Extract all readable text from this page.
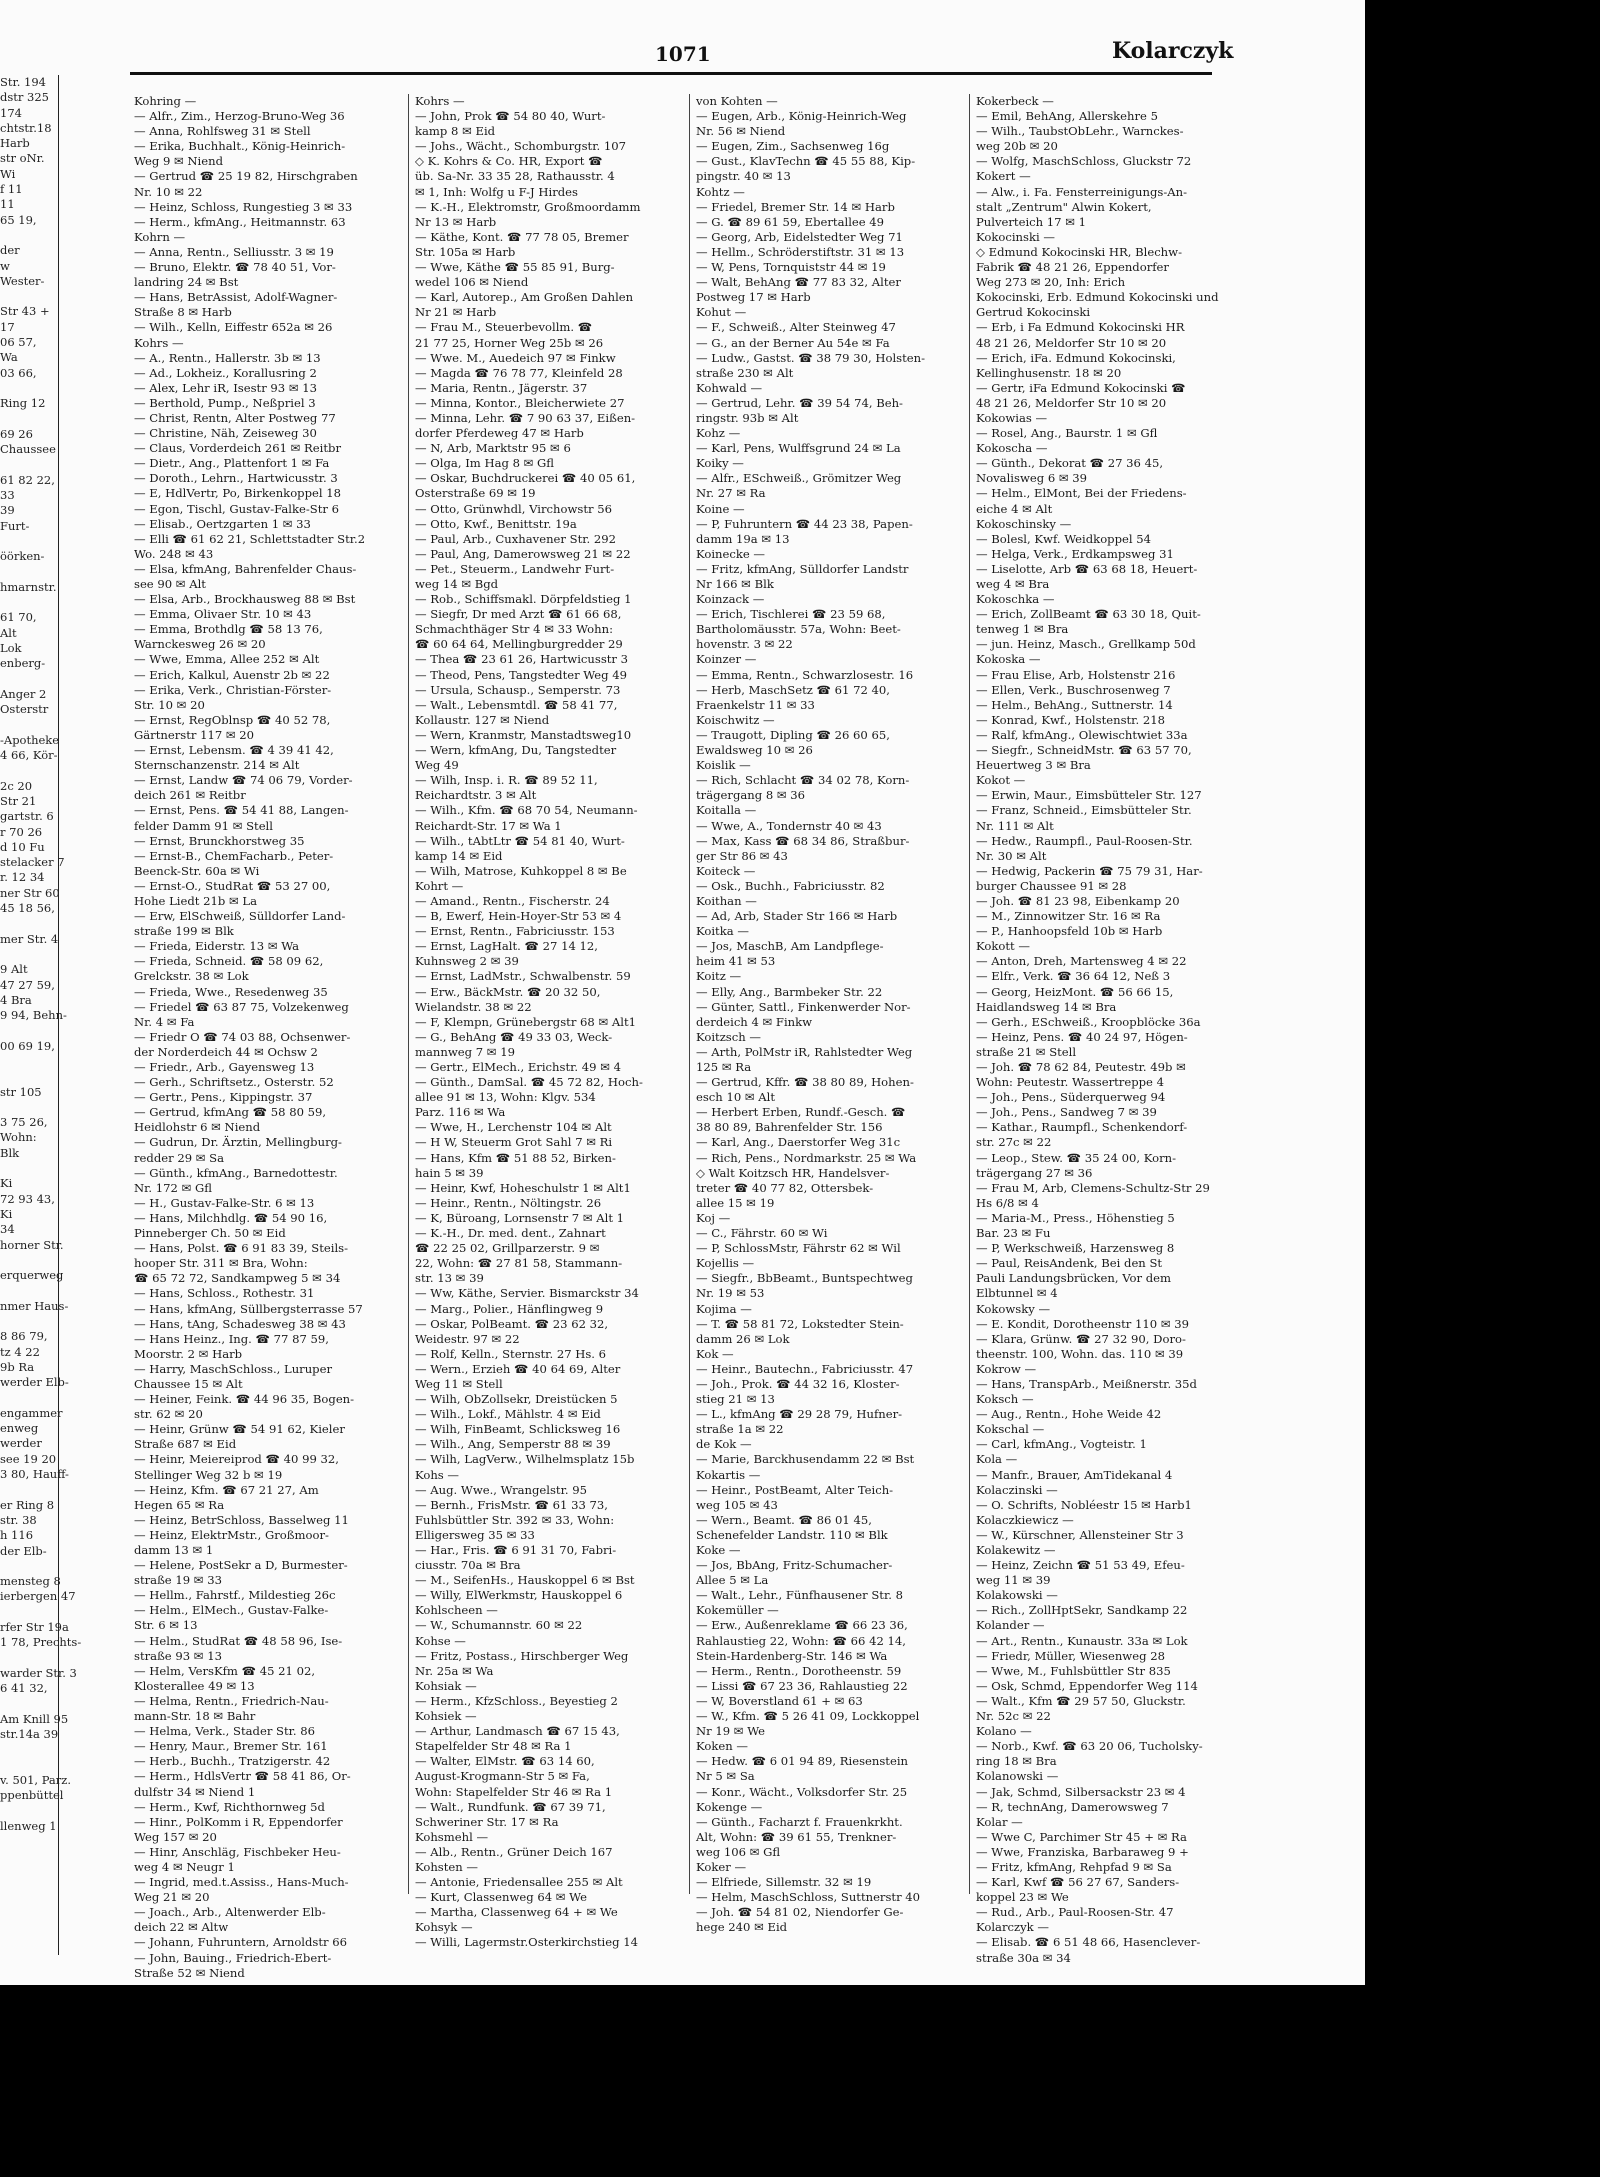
Str. 194
dstr 325
174
chtstr.18
Harb
str oNr.
Wi
f 11
11
65 19,

der
w
Wester-

Str 43 +
17
06 57,
Wa
03 66,

Ring 12

69 26
Chaussee

61 82 22,
33
39
Furt-

öörken-

hmarnstr.

61 70,
Alt
Lok
enberg-

Anger 2
Osterstr

-Apotheke
4 66, Kör-

2c 20
Str 21
gartstr. 6
r 70 26
d 10 Fu
stelacker 7
r. 12 34
ner Str 60
45 18 56,

mer Str. 4

9 Alt
47 27 59,
4 Bra
9 94, Behn-

00 69 19,

str 105

3 75 26,
Wohn:
Blk

Ki
72 93 43,
Ki
34
horner Str.

erquerweg

nmer Haus-

8 86 79,
tz 4 22
9b Ra
werder Elb-

engammer
enweg
werder
see 19 20
3 80, Hauff-

er Ring 8
str. 38
h 116
der Elb-

mensteg 8
ierbergen 47

rfer Str 19a
1 78, Prechts-

warder Str. 3
6 41 32,

Am Knill 95
str.14a 39

v. 501, Parz.
ppenbüttel

llenweg 1
1071	Kolarczyk
Kohring —
— Alfr., Zim., Herzog-Bruno-Weg 36
— Anna, Rohlfsweg 31 ✉ Stell
— Erika, Buchhalt., König-Heinrich-
Weg 9 ✉ Niend
— Gertrud ☎ 25 19 82, Hirschgraben
Nr. 10 ✉ 22
— Heinz, Schloss, Rungestieg 3 ✉ 33
— Herm., kfmAng., Heitmannstr. 63
Kohrn —
— Anna, Rentn., Selliusstr. 3 ✉ 19
— Bruno, Elektr. ☎ 78 40 51, Vor-
landring 24 ✉ Bst
— Hans, BetrAssist, Adolf-Wagner-
Straße 8 ✉ Harb
— Wilh., Kelln, Eiffestr 652a ✉ 26
Kohrs —
— A., Rentn., Hallerstr. 3b ✉ 13
— Ad., Lokheiz., Korallusring 2
— Alex, Lehr iR, Isestr 93 ✉ 13
— Berthold, Pump., Neßpriel 3
— Christ, Rentn, Alter Postweg 77
— Christine, Näh, Zeiseweg 30
— Claus, Vorderdeich 261 ✉ Reitbr
— Dietr., Ang., Plattenfort 1 ✉ Fa
— Doroth., Lehrn., Hartwicusstr. 3
— E, HdlVertr, Po, Birkenkoppel 18
— Egon, Tischl, Gustav-Falke-Str 6
— Elisab., Oertzgarten 1 ✉ 33
— Elli ☎ 61 62 21, Schlettstadter Str.2
Wo. 248 ✉ 43
— Elsa, kfmAng, Bahrenfelder Chaus-
see 90 ✉ Alt
— Elsa, Arb., Brockhausweg 88 ✉ Bst
— Emma, Olivaer Str. 10 ✉ 43
— Emma, Brothdlg ☎ 58 13 76,
Warnckesweg 26 ✉ 20
— Wwe, Emma, Allee 252 ✉ Alt
— Erich, Kalkul, Auenstr 2b ✉ 22
— Erika, Verk., Christian-Förster-
Str. 10 ✉ 20
— Ernst, RegOblnsp ☎ 40 52 78,
Gärtnerstr 117 ✉ 20
— Ernst, Lebensm. ☎ 4 39 41 42,
Sternschanzenstr. 214 ✉ Alt
— Ernst, Landw ☎ 74 06 79, Vorder-
deich 261 ✉ Reitbr
— Ernst, Pens. ☎ 54 41 88, Langen-
felder Damm 91 ✉ Stell
— Ernst, Brunckhorstweg 35
— Ernst-B., ChemFacharb., Peter-
Beenck-Str. 60a ✉ Wi
— Ernst-O., StudRat ☎ 53 27 00,
Hohe Liedt 21b ✉ La
— Erw, ElSchweiß, Sülldorfer Land-
straße 199 ✉ Blk
— Frieda, Eiderstr. 13 ✉ Wa
— Frieda, Schneid. ☎ 58 09 62,
Grelckstr. 38 ✉ Lok
— Frieda, Wwe., Resedenweg 35
— Friedel ☎ 63 87 75, Volzekenweg
Nr. 4 ✉ Fa
— Friedr O ☎ 74 03 88, Ochsenwer-
der Norderdeich 44 ✉ Ochsw 2
— Friedr., Arb., Gayensweg 13
— Gerh., Schriftsetz., Osterstr. 52
— Gertr., Pens., Kippingstr. 37
— Gertrud, kfmAng ☎ 58 80 59,
Heidlohstr 6 ✉ Niend
— Gudrun, Dr. Ärztin, Mellingburg-
redder 29 ✉ Sa
— Günth., kfmAng., Barnedottestr.
Nr. 172 ✉ Gfl
— H., Gustav-Falke-Str. 6 ✉ 13
— Hans, Milchhdlg. ☎ 54 90 16,
Pinneberger Ch. 50 ✉ Eid
— Hans, Polst. ☎ 6 91 83 39, Steils-
hooper Str. 311 ✉ Bra, Wohn:
☎ 65 72 72, Sandkampweg 5 ✉ 34
— Hans, Schloss., Rothestr. 31
— Hans, kfmAng, Süllbergsterrasse 57
— Hans, tAng, Schadesweg 38 ✉ 43
— Hans Heinz., Ing. ☎ 77 87 59,
Moorstr. 2 ✉ Harb
— Harry, MaschSchloss., Luruper
Chaussee 15 ✉ Alt
— Heiner, Feink. ☎ 44 96 35, Bogen-
str. 62 ✉ 20
— Heinr, Grünw ☎ 54 91 62, Kieler
Straße 687 ✉ Eid
— Heinr, Meiereiprod ☎ 40 99 32,
Stellinger Weg 32 b ✉ 19
— Heinz, Kfm. ☎ 67 21 27, Am
Hegen 65 ✉ Ra
— Heinz, BetrSchloss, Basselweg 11
— Heinz, ElektrMstr., Großmoor-
damm 13 ✉ 1
— Helene, PostSekr a D, Burmester-
straße 19 ✉ 33
— Hellm., Fahrstf., Mildestieg 26c
— Helm., ElMech., Gustav-Falke-
Str. 6 ✉ 13
— Helm., StudRat ☎ 48 58 96, Ise-
straße 93 ✉ 13
— Helm, VersKfm ☎ 45 21 02,
Klosterallee 49 ✉ 13
— Helma, Rentn., Friedrich-Nau-
mann-Str. 18 ✉ Bahr
— Helma, Verk., Stader Str. 86
— Henry, Maur., Bremer Str. 161
— Herb., Buchh., Tratzigerstr. 42
— Herm., HdlsVertr ☎ 58 41 86, Or-
dulfstr 34 ✉ Niend 1
— Herm., Kwf, Richthornweg 5d
— Hinr., PolKomm i R, Eppendorfer
Weg 157 ✉ 20
— Hinr, Anschläg, Fischbeker Heu-
weg 4 ✉ Neugr 1
— Ingrid, med.t.Assiss., Hans-Much-
Weg 21 ✉ 20
— Joach., Arb., Altenwerder Elb-
deich 22 ✉ Altw
— Johann, Fuhruntern, Arnoldstr 66
— John, Bauing., Friedrich-Ebert-
Straße 52 ✉ Niend
Kohrs —
— John, Prok ☎ 54 80 40, Wurt-
kamp 8 ✉ Eid
— Johs., Wächt., Schomburgstr. 107
◇ K. Kohrs & Co. HR, Export ☎
üb. Sa-Nr. 33 35 28, Rathausstr. 4
✉ 1, Inh: Wolfg u F-J Hirdes
— K.-H., Elektromstr, Großmoordamm
Nr 13 ✉ Harb
— Käthe, Kont. ☎ 77 78 05, Bremer
Str. 105a ✉ Harb
— Wwe, Käthe ☎ 55 85 91, Burg-
wedel 106 ✉ Niend
— Karl, Autorep., Am Großen Dahlen
Nr 21 ✉ Harb
— Frau M., Steuerbevollm. ☎
21 77 25, Horner Weg 25b ✉ 26
— Wwe. M., Auedeich 97 ✉ Finkw
— Magda ☎ 76 78 77, Kleinfeld 28
— Maria, Rentn., Jägerstr. 37
— Minna, Kontor., Bleicherwiete 27
— Minna, Lehr. ☎ 7 90 63 37, Eißen-
dorfer Pferdeweg 47 ✉ Harb
— N, Arb, Marktstr 95 ✉ 6
— Olga, Im Hag 8 ✉ Gfl
— Oskar, Buchdruckerei ☎ 40 05 61,
Osterstraße 69 ✉ 19
— Otto, Grünwhdl, Virchowstr 56
— Otto, Kwf., Benittstr. 19a
— Paul, Arb., Cuxhavener Str. 292
— Paul, Ang, Damerowsweg 21 ✉ 22
— Pet., Steuerm., Landwehr Furt-
weg 14 ✉ Bgd
— Rob., Schiffsmakl. Dörpfeldstieg 1
— Siegfr, Dr med Arzt ☎ 61 66 68,
Schmachthäger Str 4 ✉ 33 Wohn:
☎ 60 64 64, Mellingburgredder 29
— Thea ☎ 23 61 26, Hartwicusstr 3
— Theod, Pens, Tangstedter Weg 49
— Ursula, Schausp., Semperstr. 73
— Walt., Lebensmtdl. ☎ 58 41 77,
Kollaustr. 127 ✉ Niend
— Wern, Kranmstr, Manstadtsweg10
— Wern, kfmAng, Du, Tangstedter
Weg 49
— Wilh, Insp. i. R. ☎ 89 52 11,
Reichardtstr. 3 ✉ Alt
— Wilh., Kfm. ☎ 68 70 54, Neumann-
Reichardt-Str. 17 ✉ Wa 1
— Wilh., tAbtLtr ☎ 54 81 40, Wurt-
kamp 14 ✉ Eid
— Wilh, Matrose, Kuhkoppel 8 ✉ Be
Kohrt —
— Amand., Rentn., Fischerstr. 24
— B, Ewerf, Hein-Hoyer-Str 53 ✉ 4
— Ernst, Rentn., Fabriciusstr. 153
— Ernst, LagHalt. ☎ 27 14 12,
Kuhnsweg 2 ✉ 39
— Ernst, LadMstr., Schwalbenstr. 59
— Erw., BäckMstr. ☎ 20 32 50,
Wielandstr. 38 ✉ 22
— F, Klempn, Grünebergstr 68 ✉ Alt1
— G., BehAng ☎ 49 33 03, Weck-
mannweg 7 ✉ 19
— Gertr., ElMech., Erichstr. 49 ✉ 4
— Günth., DamSal. ☎ 45 72 82, Hoch-
allee 91 ✉ 13, Wohn: Klgv. 534
Parz. 116 ✉ Wa
— Wwe, H., Lerchenstr 104 ✉ Alt
— H W, Steuerm Grot Sahl 7 ✉ Ri
— Hans, Kfm ☎ 51 88 52, Birken-
hain 5 ✉ 39
— Heinr, Kwf, Hoheschulstr 1 ✉ Alt1
— Heinr., Rentn., Nöltingstr. 26
— K, Büroang, Lornsenstr 7 ✉ Alt 1
— K.-H., Dr. med. dent., Zahnart
☎ 22 25 02, Grillparzerstr. 9 ✉
22, Wohn: ☎ 27 81 58, Stammann-
str. 13 ✉ 39
— Ww, Käthe, Servier. Bismarckstr 34
— Marg., Polier., Hänflingweg 9
— Oskar, PolBeamt. ☎ 23 62 32,
Weidestr. 97 ✉ 22
— Rolf, Kelln., Sternstr. 27 Hs. 6
— Wern., Erzieh ☎ 40 64 69, Alter
Weg 11 ✉ Stell
— Wilh, ObZollsekr, Dreistücken 5
— Wilh., Lokf., Mählstr. 4 ✉ Eid
— Wilh, FinBeamt, Schlicksweg 16
— Wilh., Ang, Semperstr 88 ✉ 39
— Wilh, LagVerw., Wilhelmsplatz 15b
Kohs —
— Aug. Wwe., Wrangelstr. 95
— Bernh., FrisMstr. ☎ 61 33 73,
Fuhlsbüttler Str. 392 ✉ 33, Wohn:
Elligersweg 35 ✉ 33
— Har., Fris. ☎ 6 91 31 70, Fabri-
ciusstr. 70a ✉ Bra
— M., SeifenHs., Hauskoppel 6 ✉ Bst
— Willy, ElWerkmstr, Hauskoppel 6
Kohlscheen —
— W., Schumannstr. 60 ✉ 22
Kohse —
— Fritz, Postass., Hirschberger Weg
Nr. 25a ✉ Wa
Kohsiak —
— Herm., KfzSchloss., Beyestieg 2
Kohsiek —
— Arthur, Landmasch ☎ 67 15 43,
Stapelfelder Str 48 ✉ Ra 1
— Walter, ElMstr. ☎ 63 14 60,
August-Krogmann-Str 5 ✉ Fa,
Wohn: Stapelfelder Str 46 ✉ Ra 1
— Walt., Rundfunk. ☎ 67 39 71,
Schweriner Str. 17 ✉ Ra
Kohsmehl —
— Alb., Rentn., Grüner Deich 167
Kohsten —
— Antonie, Friedensallee 255 ✉ Alt
— Kurt, Classenweg 64 ✉ We
— Martha, Classenweg 64 + ✉ We
Kohsyk —
— Willi, Lagermstr.Osterkirchstieg 14
von Kohten —
— Eugen, Arb., König-Heinrich-Weg
Nr. 56 ✉ Niend
— Eugen, Zim., Sachsenweg 16g
— Gust., KlavTechn ☎ 45 55 88, Kip-
pingstr. 40 ✉ 13
Kohtz —
— Friedel, Bremer Str. 14 ✉ Harb
— G. ☎ 89 61 59, Ebertallee 49
— Georg, Arb, Eidelstedter Weg 71
— Hellm., Schröderstiftstr. 31 ✉ 13
— W, Pens, Tornquiststr 44 ✉ 19
— Walt, BehAng ☎ 77 83 32, Alter
Postweg 17 ✉ Harb
Kohut —
— F., Schweiß., Alter Steinweg 47
— G., an der Berner Au 54e ✉ Fa
— Ludw., Gastst. ☎ 38 79 30, Holsten-
straße 230 ✉ Alt
Kohwald —
— Gertrud, Lehr. ☎ 39 54 74, Beh-
ringstr. 93b ✉ Alt
Kohz —
— Karl, Pens, Wulffsgrund 24 ✉ La
Koiky —
— Alfr., ESchweiß., Grömitzer Weg
Nr. 27 ✉ Ra
Koine —
— P, Fuhruntern ☎ 44 23 38, Papen-
damm 19a ✉ 13
Koinecke —
— Fritz, kfmAng, Sülldorfer Landstr
Nr 166 ✉ Blk
Koinzack —
— Erich, Tischlerei ☎ 23 59 68,
Bartholomäusstr. 57a, Wohn: Beet-
hovenstr. 3 ✉ 22
Koinzer —
— Emma, Rentn., Schwarzlosestr. 16
— Herb, MaschSetz ☎ 61 72 40,
Fraenkelstr 11 ✉ 33
Koischwitz —
— Traugott, Dipling ☎ 26 60 65,
Ewaldsweg 10 ✉ 26
Koislik —
— Rich, Schlacht ☎ 34 02 78, Korn-
trägergang 8 ✉ 36
Koitalla —
— Wwe, A., Tondernstr 40 ✉ 43
— Max, Kass ☎ 68 34 86, Straßbur-
ger Str 86 ✉ 43
Koiteck —
— Osk., Buchh., Fabriciusstr. 82
Koithan —
— Ad, Arb, Stader Str 166 ✉ Harb
Koitka —
— Jos, MaschB, Am Landpflege-
heim 41 ✉ 53
Koitz —
— Elly, Ang., Barmbeker Str. 22
— Günter, Sattl., Finkenwerder Nor-
derdeich 4 ✉ Finkw
Koitzsch —
— Arth, PolMstr iR, Rahlstedter Weg
125 ✉ Ra
— Gertrud, Kffr. ☎ 38 80 89, Hohen-
esch 10 ✉ Alt
— Herbert Erben, Rundf.-Gesch. ☎
38 80 89, Bahrenfelder Str. 156
— Karl, Ang., Daerstorfer Weg 31c
— Rich, Pens., Nordmarkstr. 25 ✉ Wa
◇ Walt Koitzsch HR, Handelsver-
treter ☎ 40 77 82, Ottersbek-
allee 15 ✉ 19
Koj —
— C., Fährstr. 60 ✉ Wi
— P, SchlossMstr, Fährstr 62 ✉ Wil
Kojellis —
— Siegfr., BbBeamt., Buntspechtweg
Nr. 19 ✉ 53
Kojima —
— T. ☎ 58 81 72, Lokstedter Stein-
damm 26 ✉ Lok
Kok —
— Heinr., Bautechn., Fabriciusstr. 47
— Joh., Prok. ☎ 44 32 16, Kloster-
stieg 21 ✉ 13
— L., kfmAng ☎ 29 28 79, Hufner-
straße 1a ✉ 22
de Kok —
— Marie, Barckhusendamm 22 ✉ Bst
Kokartis —
— Heinr., PostBeamt, Alter Teich-
weg 105 ✉ 43
— Wern., Beamt. ☎ 86 01 45,
Schenefelder Landstr. 110 ✉ Blk
Koke —
— Jos, BbAng, Fritz-Schumacher-
Allee 5 ✉ La
— Walt., Lehr., Fünfhausener Str. 8
Kokemüller —
— Erw., Außenreklame ☎ 66 23 36,
Rahlaustieg 22, Wohn: ☎ 66 42 14,
Stein-Hardenberg-Str. 146 ✉ Wa
— Herm., Rentn., Dorotheenstr. 59
— Lissi ☎ 67 23 36, Rahlaustieg 22
— W, Boverstland 61 + ✉ 63
— W., Kfm. ☎ 5 26 41 09, Lockkoppel
Nr 19 ✉ We
Koken —
— Hedw. ☎ 6 01 94 89, Riesenstein
Nr 5 ✉ Sa
— Konr., Wächt., Volksdorfer Str. 25
Kokenge —
— Günth., Facharzt f. Frauenkrkht.
Alt, Wohn: ☎ 39 61 55, Trenkner-
weg 106 ✉ Gfl
Koker —
— Elfriede, Sillemstr. 32 ✉ 19
— Helm, MaschSchloss, Suttnerstr 40
— Joh. ☎ 54 81 02, Niendorfer Ge-
hege 240 ✉ Eid
Kokerbeck —
— Emil, BehAng, Allerskehre 5
— Wilh., TaubstObLehr., Warnckes-
weg 20b ✉ 20
— Wolfg, MaschSchloss, Gluckstr 72
Kokert —
— Alw., i. Fa. Fensterreinigungs-An-
stalt „Zentrum" Alwin Kokert,
Pulverteich 17 ✉ 1
Kokocinski —
◇ Edmund Kokocinski HR, Blechw-
Fabrik ☎ 48 21 26, Eppendorfer
Weg 273 ✉ 20, Inh: Erich
Kokocinski, Erb. Edmund Kokocinski und
Gertrud Kokocinski
— Erb, i Fa Edmund Kokocinski HR
48 21 26, Meldorfer Str 10 ✉ 20
— Erich, iFa. Edmund Kokocinski,
Kellinghusenstr. 18 ✉ 20
— Gertr, iFa Edmund Kokocinski ☎
48 21 26, Meldorfer Str 10 ✉ 20
Kokowias —
— Rosel, Ang., Baurstr. 1 ✉ Gfl
Kokoscha —
— Günth., Dekorat ☎ 27 36 45,
Novalisweg 6 ✉ 39
— Helm., ElMont, Bei der Friedens-
eiche 4 ✉ Alt
Kokoschinsky —
— Bolesl, Kwf. Weidkoppel 54
— Helga, Verk., Erdkampsweg 31
— Liselotte, Arb ☎ 63 68 18, Heuert-
weg 4 ✉ Bra
Kokoschka —
— Erich, ZollBeamt ☎ 63 30 18, Quit-
tenweg 1 ✉ Bra
— jun. Heinz, Masch., Grellkamp 50d
Kokoska —
— Frau Elise, Arb, Holstenstr 216
— Ellen, Verk., Buschrosenweg 7
— Helm., BehAng., Suttnerstr. 14
— Konrad, Kwf., Holstenstr. 218
— Ralf, kfmAng., Olewischtwiet 33a
— Siegfr., SchneidMstr. ☎ 63 57 70,
Heuertweg 3 ✉ Bra
Kokot —
— Erwin, Maur., Eimsbütteler Str. 127
— Franz, Schneid., Eimsbütteler Str.
Nr. 111 ✉ Alt
— Hedw., Raumpfl., Paul-Roosen-Str.
Nr. 30 ✉ Alt
— Hedwig, Packerin ☎ 75 79 31, Har-
burger Chaussee 91 ✉ 28
— Joh. ☎ 81 23 98, Eibenkamp 20
— M., Zinnowitzer Str. 16 ✉ Ra
— P., Hanhoopsfeld 10b ✉ Harb
Kokott —
— Anton, Dreh, Martensweg 4 ✉ 22
— Elfr., Verk. ☎ 36 64 12, Neß 3
— Georg, HeizMont. ☎ 56 66 15,
Haidlandsweg 14 ✉ Bra
— Gerh., ESchweiß., Kroopblöcke 36a
— Heinz, Pens. ☎ 40 24 97, Högen-
straße 21 ✉ Stell
— Joh. ☎ 78 62 84, Peutestr. 49b ✉
Wohn: Peutestr. Wassertreppe 4
— Joh., Pens., Süderquerweg 94
— Joh., Pens., Sandweg 7 ✉ 39
— Kathar., Raumpfl., Schenkendorf-
str. 27c ✉ 22
— Leop., Stew. ☎ 35 24 00, Korn-
trägergang 27 ✉ 36
— Frau M, Arb, Clemens-Schultz-Str 29
Hs 6/8 ✉ 4
— Maria-M., Press., Höhenstieg 5
Bar. 23 ✉ Fu
— P, Werkschweiß, Harzensweg 8
— Paul, ReisAndenk, Bei den St
Pauli Landungsbrücken, Vor dem
Elbtunnel ✉ 4
Kokowsky —
— E. Kondit, Dorotheenstr 110 ✉ 39
— Klara, Grünw. ☎ 27 32 90, Doro-
theenstr. 100, Wohn. das. 110 ✉ 39
Kokrow —
— Hans, TranspArb., Meißnerstr. 35d
Koksch —
— Aug., Rentn., Hohe Weide 42
Kokschal —
— Carl, kfmAng., Vogteistr. 1
Kola —
— Manfr., Brauer, AmTidekanal 4
Kolaczinski —
— O. Schrifts, Nobléestr 15 ✉ Harb1
Kolaczkiewicz —
— W., Kürschner, Allensteiner Str 3
Kolakewitz —
— Heinz, Zeichn ☎ 51 53 49, Efeu-
weg 11 ✉ 39
Kolakowski —
— Rich., ZollHptSekr, Sandkamp 22
Kolander —
— Art., Rentn., Kunaustr. 33a ✉ Lok
— Friedr, Müller, Wiesenweg 28
— Wwe, M., Fuhlsbüttler Str 835
— Osk, Schmd, Eppendorfer Weg 114
— Walt., Kfm ☎ 29 57 50, Gluckstr.
Nr. 52c ✉ 22
Kolano —
— Norb., Kwf. ☎ 63 20 06, Tucholsky-
ring 18 ✉ Bra
Kolanowski —
— Jak, Schmd, Silbersackstr 23 ✉ 4
— R, technAng, Damerowsweg 7
Kolar —
— Wwe C, Parchimer Str 45 + ✉ Ra
— Wwe, Franziska, Barbaraweg 9 +
— Fritz, kfmAng, Rehpfad 9 ✉ Sa
— Karl, Kwf ☎ 56 27 67, Sanders-
koppel 23 ✉ We
— Rud., Arb., Paul-Roosen-Str. 47
Kolarczyk —
— Elisab. ☎ 6 51 48 66, Hasenclever-
straße 30a ✉ 34
